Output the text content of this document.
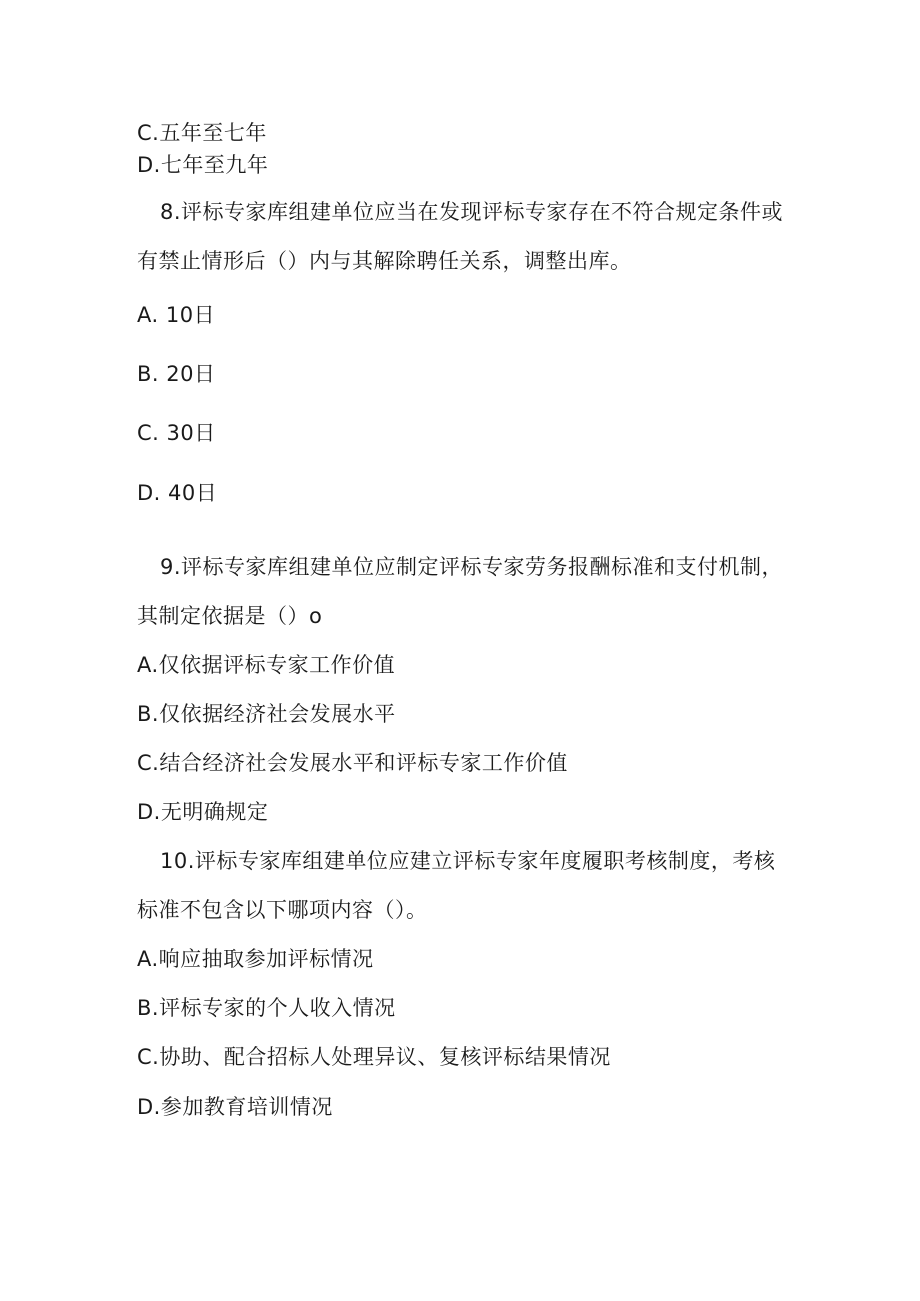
C.五年至七年
D.七年至九年
8.评标专家库组建单位应当在发现评标专家存在不符合规定条件或
有禁止情形后（）内与其解除聘任关系，调整出库。
A. 10日
B. 20日
C. 30日
D. 40日
9.评标专家库组建单位应制定评标专家劳务报酬标准和支付机制，
其制定依据是（）o
A.仅依据评标专家工作价值
B.仅依据经济社会发展水平
C.结合经济社会发展水平和评标专家工作价值
D.无明确规定
10.评标专家库组建单位应建立评标专家年度履职考核制度，考核
标准不包含以下哪项内容（）。
A.响应抽取参加评标情况
B.评标专家的个人收入情况
C.协助、配合招标人处理异议、复核评标结果情况
D.参加教育培训情况
